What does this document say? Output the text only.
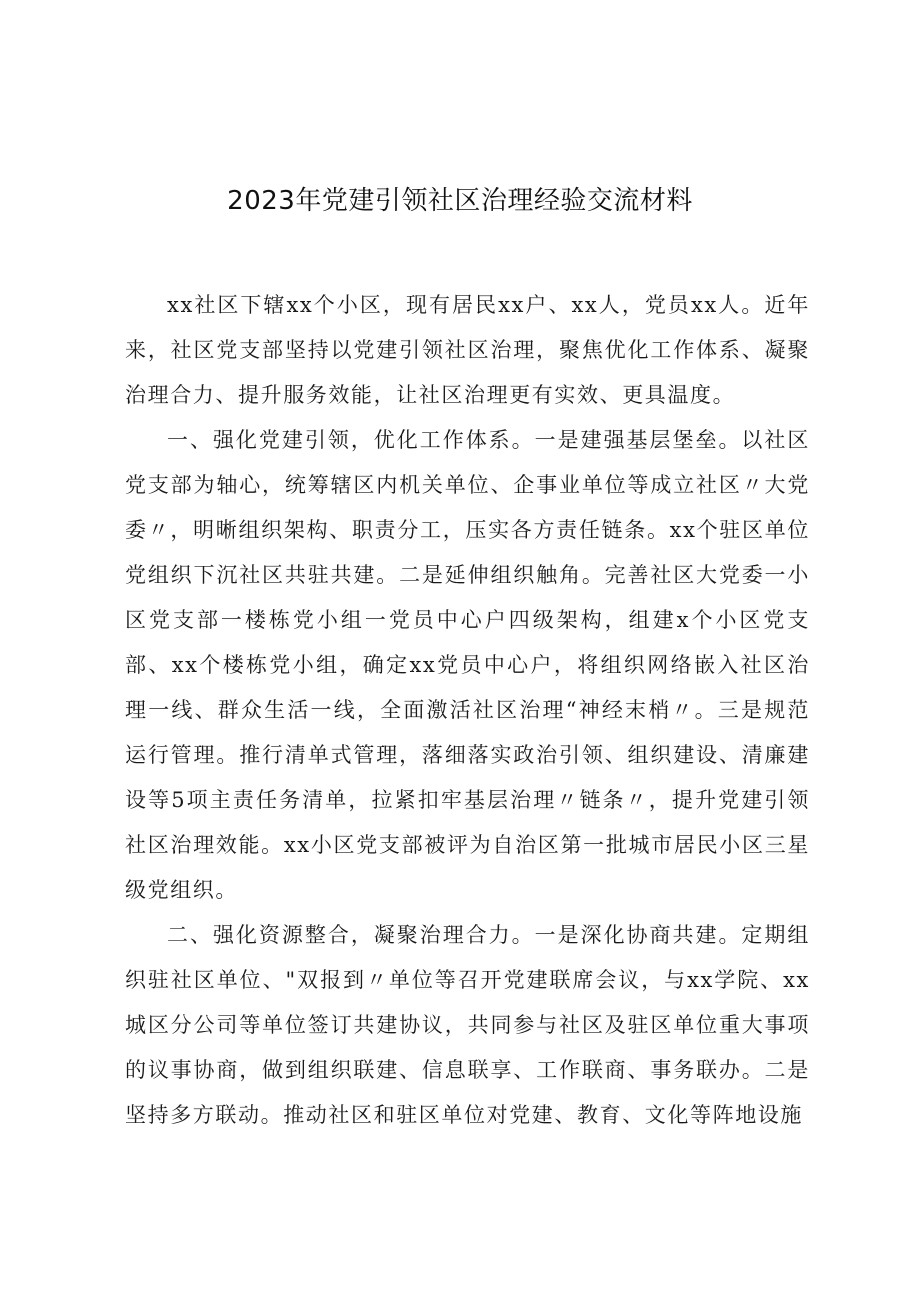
2023年党建引领社区治理经验交流材料

xx社区下辖xx个小区，现有居民xx户、xx人，党员xx人。近年来，社区党支部坚持以党建引领社区治理，聚焦优化工作体系、凝聚治理合力、提升服务效能，让社区治理更有实效、更具温度。

一、强化党建引领，优化工作体系。一是建强基层堡垒。以社区党支部为轴心，统筹辖区内机关单位、企事业单位等成立社区〃大党委〃，明晰组织架构、职责分工，压实各方责任链条。xx个驻区单位党组织下沉社区共驻共建。二是延伸组织触角。完善社区大党委一小区党支部一楼栋党小组一党员中心户四级架构，组建x个小区党支部、xx个楼栋党小组，确定xx党员中心户，将组织网络嵌入社区治理一线、群众生活一线，全面激活社区治理“神经末梢〃。三是规范运行管理。推行清单式管理，落细落实政治引领、组织建设、清廉建设等5项主责任务清单，拉紧扣牢基层治理〃链条〃，提升党建引领社区治理效能。xx小区党支部被评为自治区第一批城市居民小区三星级党组织。

二、强化资源整合，凝聚治理合力。一是深化协商共建。定期组织驻社区单位、"双报到〃单位等召开党建联席会议，与xx学院、xx城区分公司等单位签订共建协议，共同参与社区及驻区单位重大事项的议事协商，做到组织联建、信息联享、工作联商、事务联办。二是坚持多方联动。推动社区和驻区单位对党建、教育、文化等阵地设施
